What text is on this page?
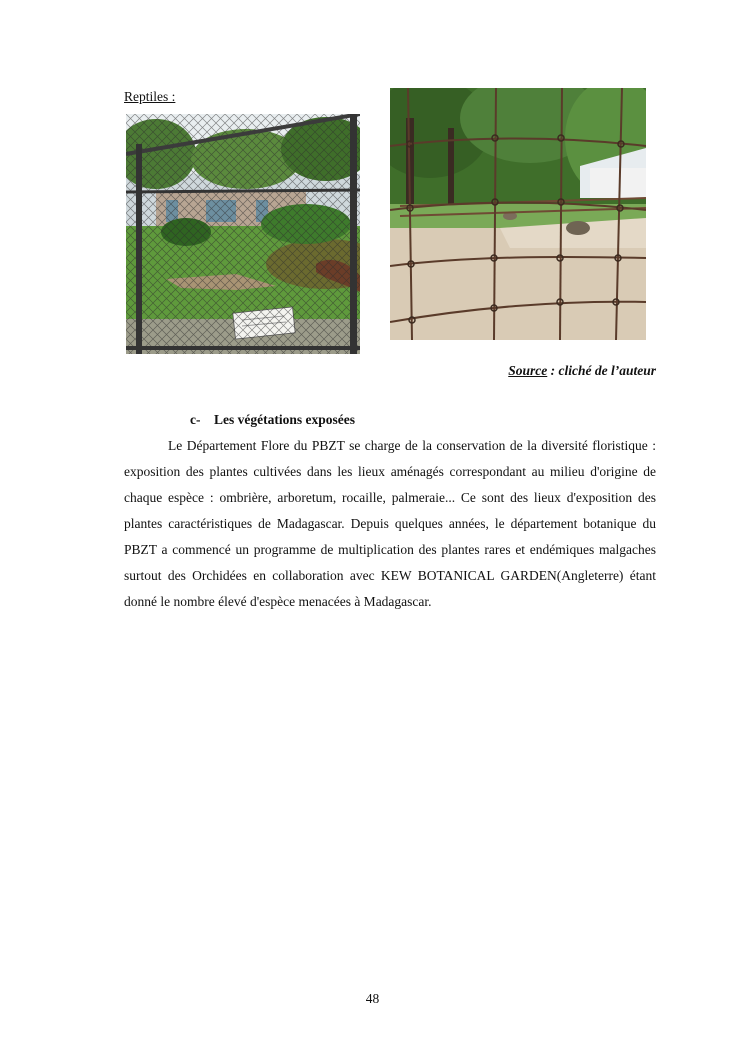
Reptiles :
Source : cliché de l’auteur
c- Les végétations exposées
Le Département Flore du PBZT se charge de la conservation de la diversité floristique : exposition des plantes cultivées dans les lieux aménagés correspondant au milieu d'origine de chaque espèce : ombrière, arboretum, rocaille, palmeraie... Ce sont des lieux d'exposition des plantes caractéristiques de Madagascar. Depuis quelques années, le département botanique du PBZT a commencé un programme de multiplication des plantes rares et endémiques malgaches surtout des Orchidées en collaboration avec KEW BOTANICAL GARDEN(Angleterre) étant donné le nombre élevé d'espèce menacées à Madagascar.
48
